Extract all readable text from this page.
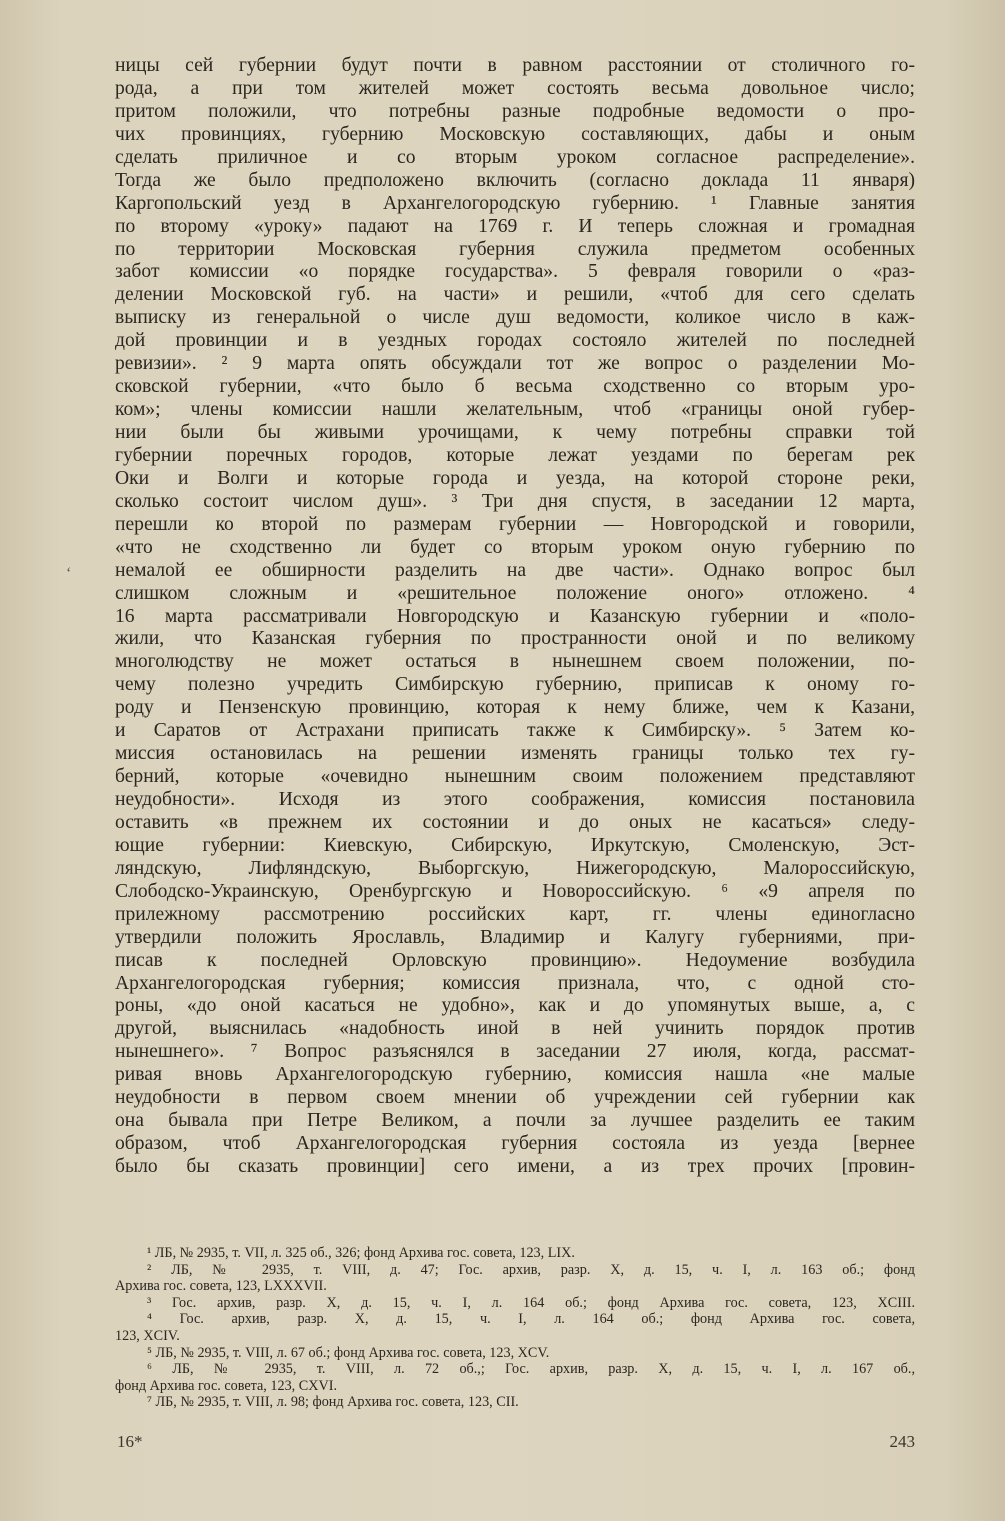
‘
ницы сей губернии будут почти в равном расстоянии от столичного го-
рода, а при том жителей может состоять весьма довольное число;
притом положили, что потребны разные подробные ведомости о про-
чих провинциях, губернию Московскую составляющих, дабы и оным
сделать приличное и со вторым уроком согласное распределение».
Тогда же было предположено включить (согласно доклада 11 января)
Каргопольский уезд в Архангелогородскую губернию. ¹ Главные занятия
по второму «уроку» падают на 1769 г. И теперь сложная и громадная
по территории Московская губерния служила предметом особенных
забот комиссии «о порядке государства». 5 февраля говорили о «раз-
делении Московской губ. на части» и решили, «чтоб для сего сделать
выписку из генеральной о числе душ ведомости, коликое число в каж-
дой провинции и в уездных городах состояло жителей по последней
ревизии». ² 9 марта опять обсуждали тот же вопрос о разделении Мо-
сковской губернии, «что было б весьма сходственно со вторым уро-
ком»; члены комиссии нашли желательным, чтоб «границы оной губер-
нии были бы живыми урочищами, к чему потребны справки той
губернии поречных городов, которые лежат уездами по берегам рек
Оки и Волги и которые города и уезда, на которой стороне реки,
сколько состоит числом душ». ³ Три дня спустя, в заседании 12 марта,
перешли ко второй по размерам губернии — Новгородской и говорили,
«что не сходственно ли будет со вторым уроком оную губернию по
немалой ее обширности разделить на две части». Однако вопрос был
слишком сложным и «решительное положение оного» отложено. ⁴
16 марта рассматривали Новгородскую и Казанскую губернии и «поло-
жили, что Казанская губерния по пространности оной и по великому
многолюдству не может остаться в нынешнем своем положении, по-
чему полезно учредить Симбирскую губернию, приписав к оному го-
роду и Пензенскую провинцию, которая к нему ближе, чем к Казани,
и Саратов от Астрахани приписать также к Симбирску». ⁵ Затем ко-
миссия остановилась на решении изменять границы только тех гу-
берний, которые «очевидно нынешним своим положением представляют
неудобности». Исходя из этого соображения, комиссия постановила
оставить «в прежнем их состоянии и до оных не касаться» следу-
ющие губернии: Киевскую, Сибирскую, Иркутскую, Смоленскую, Эст-
ляндскую, Лифляндскую, Выборгскую, Нижегородскую, Малороссийскую,
Слободско-Украинскую, Оренбургскую и Новороссийскую. ⁶ «9 апреля по
прилежному рассмотрению российских карт, гг. члены единогласно
утвердили положить Ярославль, Владимир и Калугу губерниями, при-
писав к последней Орловскую провинцию». Недоумение возбудила
Архангелогородская губерния; комиссия признала, что, с одной сто-
роны, «до оной касаться не удобно», как и до упомянутых выше, а, с
другой, выяснилась «надобность иной в ней учинить порядок против
нынешнего». ⁷ Вопрос разъяснялся в заседании 27 июля, когда, рассмат-
ривая вновь Архангелогородскую губернию, комиссия нашла «не малые
неудобности в первом своем мнении об учреждении сей губернии как
она бывала при Петре Великом, а почли за лучшее разделить ее таким
образом, чтоб Архангелогородская губерния состояла из уезда [вернее
было бы сказать провинции] сего имени, а из трех прочих [провин-
¹ ЛБ, № 2935, т. VII, л. 325 об., 326; фонд Архива гос. совета, 123, LIX.
² ЛБ, № 2935, т. VIII, д. 47; Гос. архив, разр. X, д. 15, ч. I, л. 163 об.; фонд
Архива гос. совета, 123, LXXXVII.
³ Гос. архив, разр. X, д. 15, ч. I, л. 164 об.; фонд Архива гос. совета, 123, XCIII.
⁴ Гос. архив, разр. X, д. 15, ч. I, л. 164 об.; фонд Архива гос. совета,
123, XCIV.
⁵ ЛБ, № 2935, т. VIII, л. 67 об.; фонд Архива гос. совета, 123, XCV.
⁶ ЛБ, № 2935, т. VIII, л. 72 об.,; Гос. архив, разр. X, д. 15, ч. I, л. 167 об.,
фонд Архива гос. совета, 123, CXVI.
⁷ ЛБ, № 2935, т. VIII, л. 98; фонд Архива гос. совета, 123, CII.
16*	243
